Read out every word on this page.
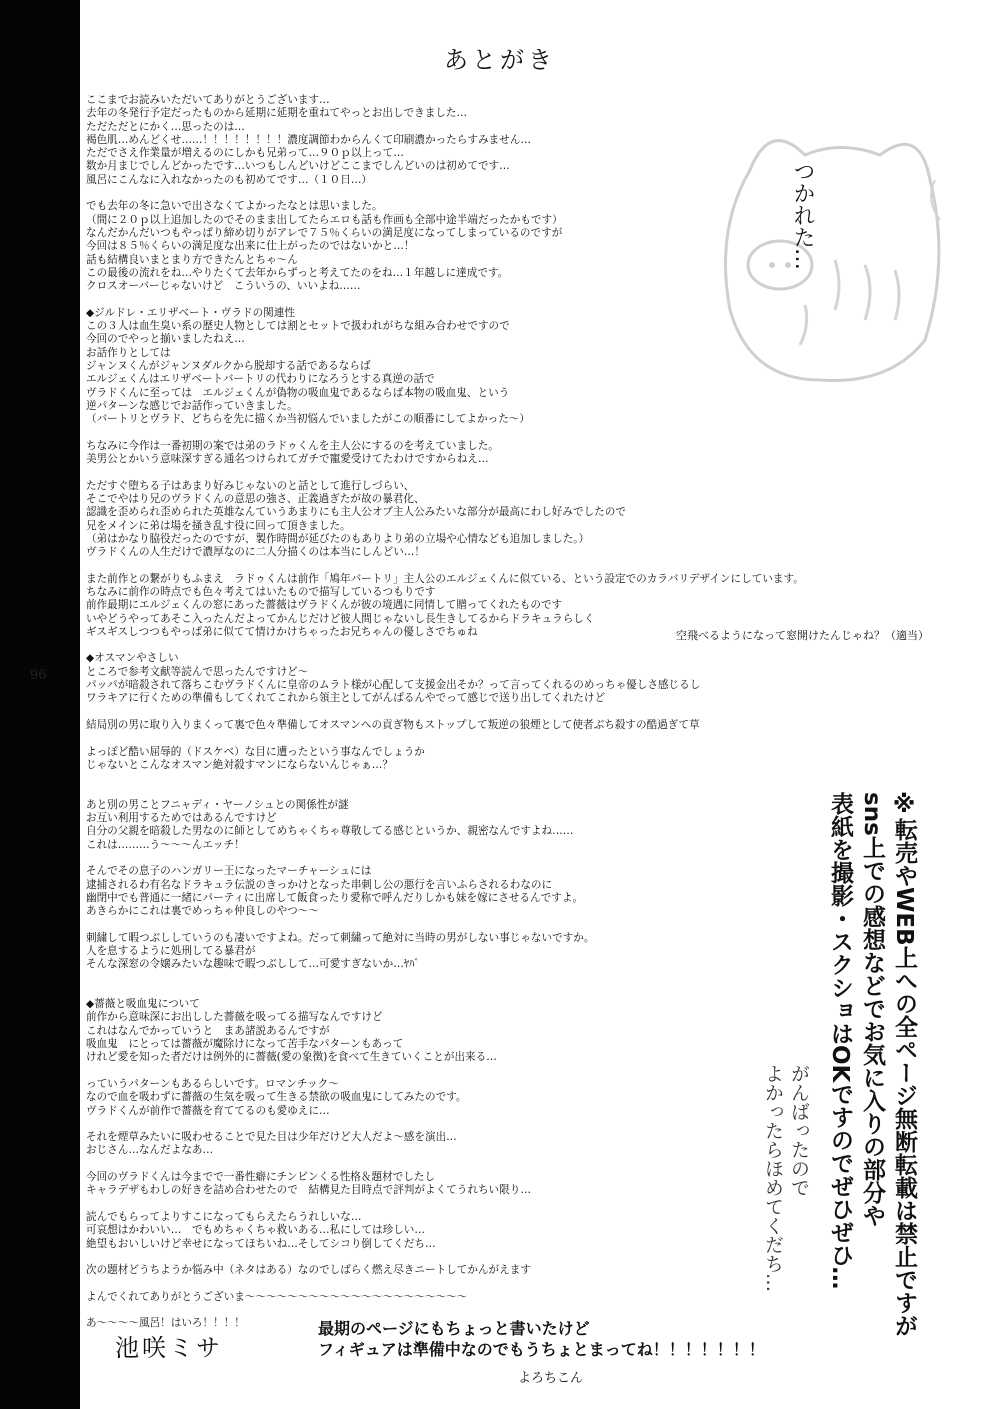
96
あとがき
ここまでお読みいただいてありがとうございます…
去年の冬発行予定だったものから延期に延期を重ねてやっとお出しできました…
ただただとにかく…思ったのは…
褐色肌…めんどくせ……！！！！！！！！濃度調節わからんくて印刷濃かったらすみません…
ただでさえ作業量が増えるのにしかも兄弟って…９０ｐ以上って…
数か月まじでしんどかったです…いつもしんどいけどここまでしんどいのは初めてです…
風呂にこんなに入れなかったのも初めてです…（１０日…）
でも去年の冬に急いで出さなくてよかったなとは思いました。
（間に２０ｐ以上追加したのでそのまま出してたらエロも話も作画も全部中途半端だったかもです）
なんだかんだいつもやっぱり締め切りがアレで７５％くらいの満足度になってしまっているのですが
今回は８５％くらいの満足度な出来に仕上がったのではないかと…！
話も結構良いまとまり方できたんとちゃ～ん
この最後の流れをね…やりたくて去年からずっと考えてたのをね…１年越しに達成です。
クロスオーバーじゃないけど　こういうの、いいよね……
◆ジルドレ・エリザベート・ヴラドの関連性
この３人は血生臭い系の歴史人物としては割とセットで扱われがちな組み合わせですので
今回のでやっと揃いましたねえ…
お話作りとしては
ジャンヌくんがジャンヌダルクから脱却する話であるならば
エルジェくんはエリザベートバートリの代わりになろうとする真逆の話で
ヴラドくんに至っては　エルジェくんが偽物の吸血鬼であるならば本物の吸血鬼、という
逆パターンな感じでお話作っていきました。
（バートリとヴラド、どちらを先に描くか当初悩んでいましたがこの順番にしてよかった～）
ちなみに今作は一番初期の案では弟のラドゥくんを主人公にするのを考えていました。
美男公とかいう意味深すぎる通名つけられてガチで寵愛受けてたわけですからねえ…
ただすぐ堕ちる子はあまり好みじゃないのと話として進行しづらい、
そこでやはり兄のヴラドくんの意思の強さ、正義過ぎたが故の暴君化、
認識を歪められ歪められた英雄なんていうあまりにも主人公オブ主人公みたいな部分が最高にわし好みでしたので
兄をメインに弟は場を掻き乱す役に回って頂きました。
（弟はかなり脇役だったのですが、製作時間が延びたのもありより弟の立場や心情なども追加しました。）
ヴラドくんの人生だけで濃厚なのに二人分描くのは本当にしんどい…！
また前作との繋がりもふまえ　ラドゥくんは前作「鳩年バートリ」主人公のエルジェくんに似ている、という設定でのカラバリデザインにしています。
ちなみに前作の時点でも色々考えてはいたもので描写しているつもりです
前作最期にエルジェくんの窓にあった薔薇はヴラドくんが彼の境遇に同情して贈ってくれたものです
いやどうやってあそこ入ったんだよってかんじだけど彼人間じゃないし長生きしてるからドラキュラらしく
ギスギスしつつもやっぱ弟に似てて情けかけちゃったお兄ちゃんの優しさでちゅね
◆オスマンやさしい
ところで参考文献等読んで思ったんですけど～
パッパが暗殺されて落ちこむヴラドくんに皇帝のムラト様が心配して支援金出そか？って言ってくれるのめっちゃ優しさ感じるし
ワラキアに行くための準備もしてくれてこれから領主としてがんばるんやでって感じで送り出してくれたけど
結局別の男に取り入りまくって裏で色々準備してオスマンへの貢ぎ物もストップして叛逆の狼煙として使者ぶち殺すの酷過ぎて草
よっぽど酷い屈辱的（ドスケベ）な目に遭ったという事なんでしょうか
じゃないとこんなオスマン絶対殺すマンにならないんじゃぁ…？
あと別の男ことフニャディ・ヤーノシュとの関係性が謎
お互い利用するためではあるんですけど
自分の父親を暗殺した男なのに師としてめちゃくちゃ尊敬してる感じというか、親密なんですよね……
これは………う～～～んエッチ！
そんでその息子のハンガリー王になったマーチャーシュには
逮捕されるわ有名なドラキュラ伝説のきっかけとなった串刺し公の悪行を言いふらされるわなのに
幽閉中でも普通に一緒にパーティに出席して飯食ったり愛称で呼んだりしかも妹を嫁にさせるんですよ。
あきらかにこれは裏でめっちゃ仲良しのやつ～～
刺繍して暇つぶししていうのも凄いですよね。だって刺繍って絶対に当時の男がしない事じゃないですか。
人を息するように処刑してる暴君が
そんな深窓の令嬢みたいな趣味で暇つぶしして…可愛すぎないか…ﾔﾊﾞ
◆薔薇と吸血鬼について
前作から意味深にお出しした薔薇を吸ってる描写なんですけど
これはなんでかっていうと　まあ諸説あるんですが
吸血鬼　にとっては薔薇が魔除けになって苦手なパターンもあって
けれど愛を知った者だけは例外的に薔薇(愛の象徴)を食べて生きていくことが出来る…
っていうパターンもあるらしいです。ロマンチック～
なので血を吸わずに薔薇の生気を吸って生きる禁欲の吸血鬼にしてみたのです。
ヴラドくんが前作で薔薇を育ててるのも愛ゆえに…
それを煙草みたいに吸わせることで見た目は少年だけど大人だよ～感を演出…
おじさん…なんだよなあ…
今回のヴラドくんは今までで一番性癖にチンビンくる性格＆題材でしたし
キャラデザもわしの好きを詰め合わせたので　結構見た目時点で評判がよくてうれちい限り…
読んでもらってよりすこになってもらえたらうれしいな…
可哀想はかわいい…　でもめちゃくちゃ救いある…私にしては珍しい…
絶望もおいしいけど幸せになってほちいね…そしてシコり倒してくだち…
次の題材どうちようか悩み中（ネタはある）なのでしばらく燃え尽きニートしてかんがえます
よんでくれてありがとうございま～～～～～～～～～～～～～～～～～～～～～
あ～～～～風呂！はいろ！！！！
空飛べるようになって窓開けたんじゃね？（適当）
つかれた…
※転売やWEB上への全ページ無断転載は禁止ですが
sns上での感想などでお気に入りの部分や
表紙を撮影・スクショはOKですのでぜひぜひ…
がんばったので
よかったらほめてくだち…
池咲ミサ
最期のページにもちょっと書いたけど
フィギュアは準備中なのでもうちょとまってね！！！！！！！
よろちこん
